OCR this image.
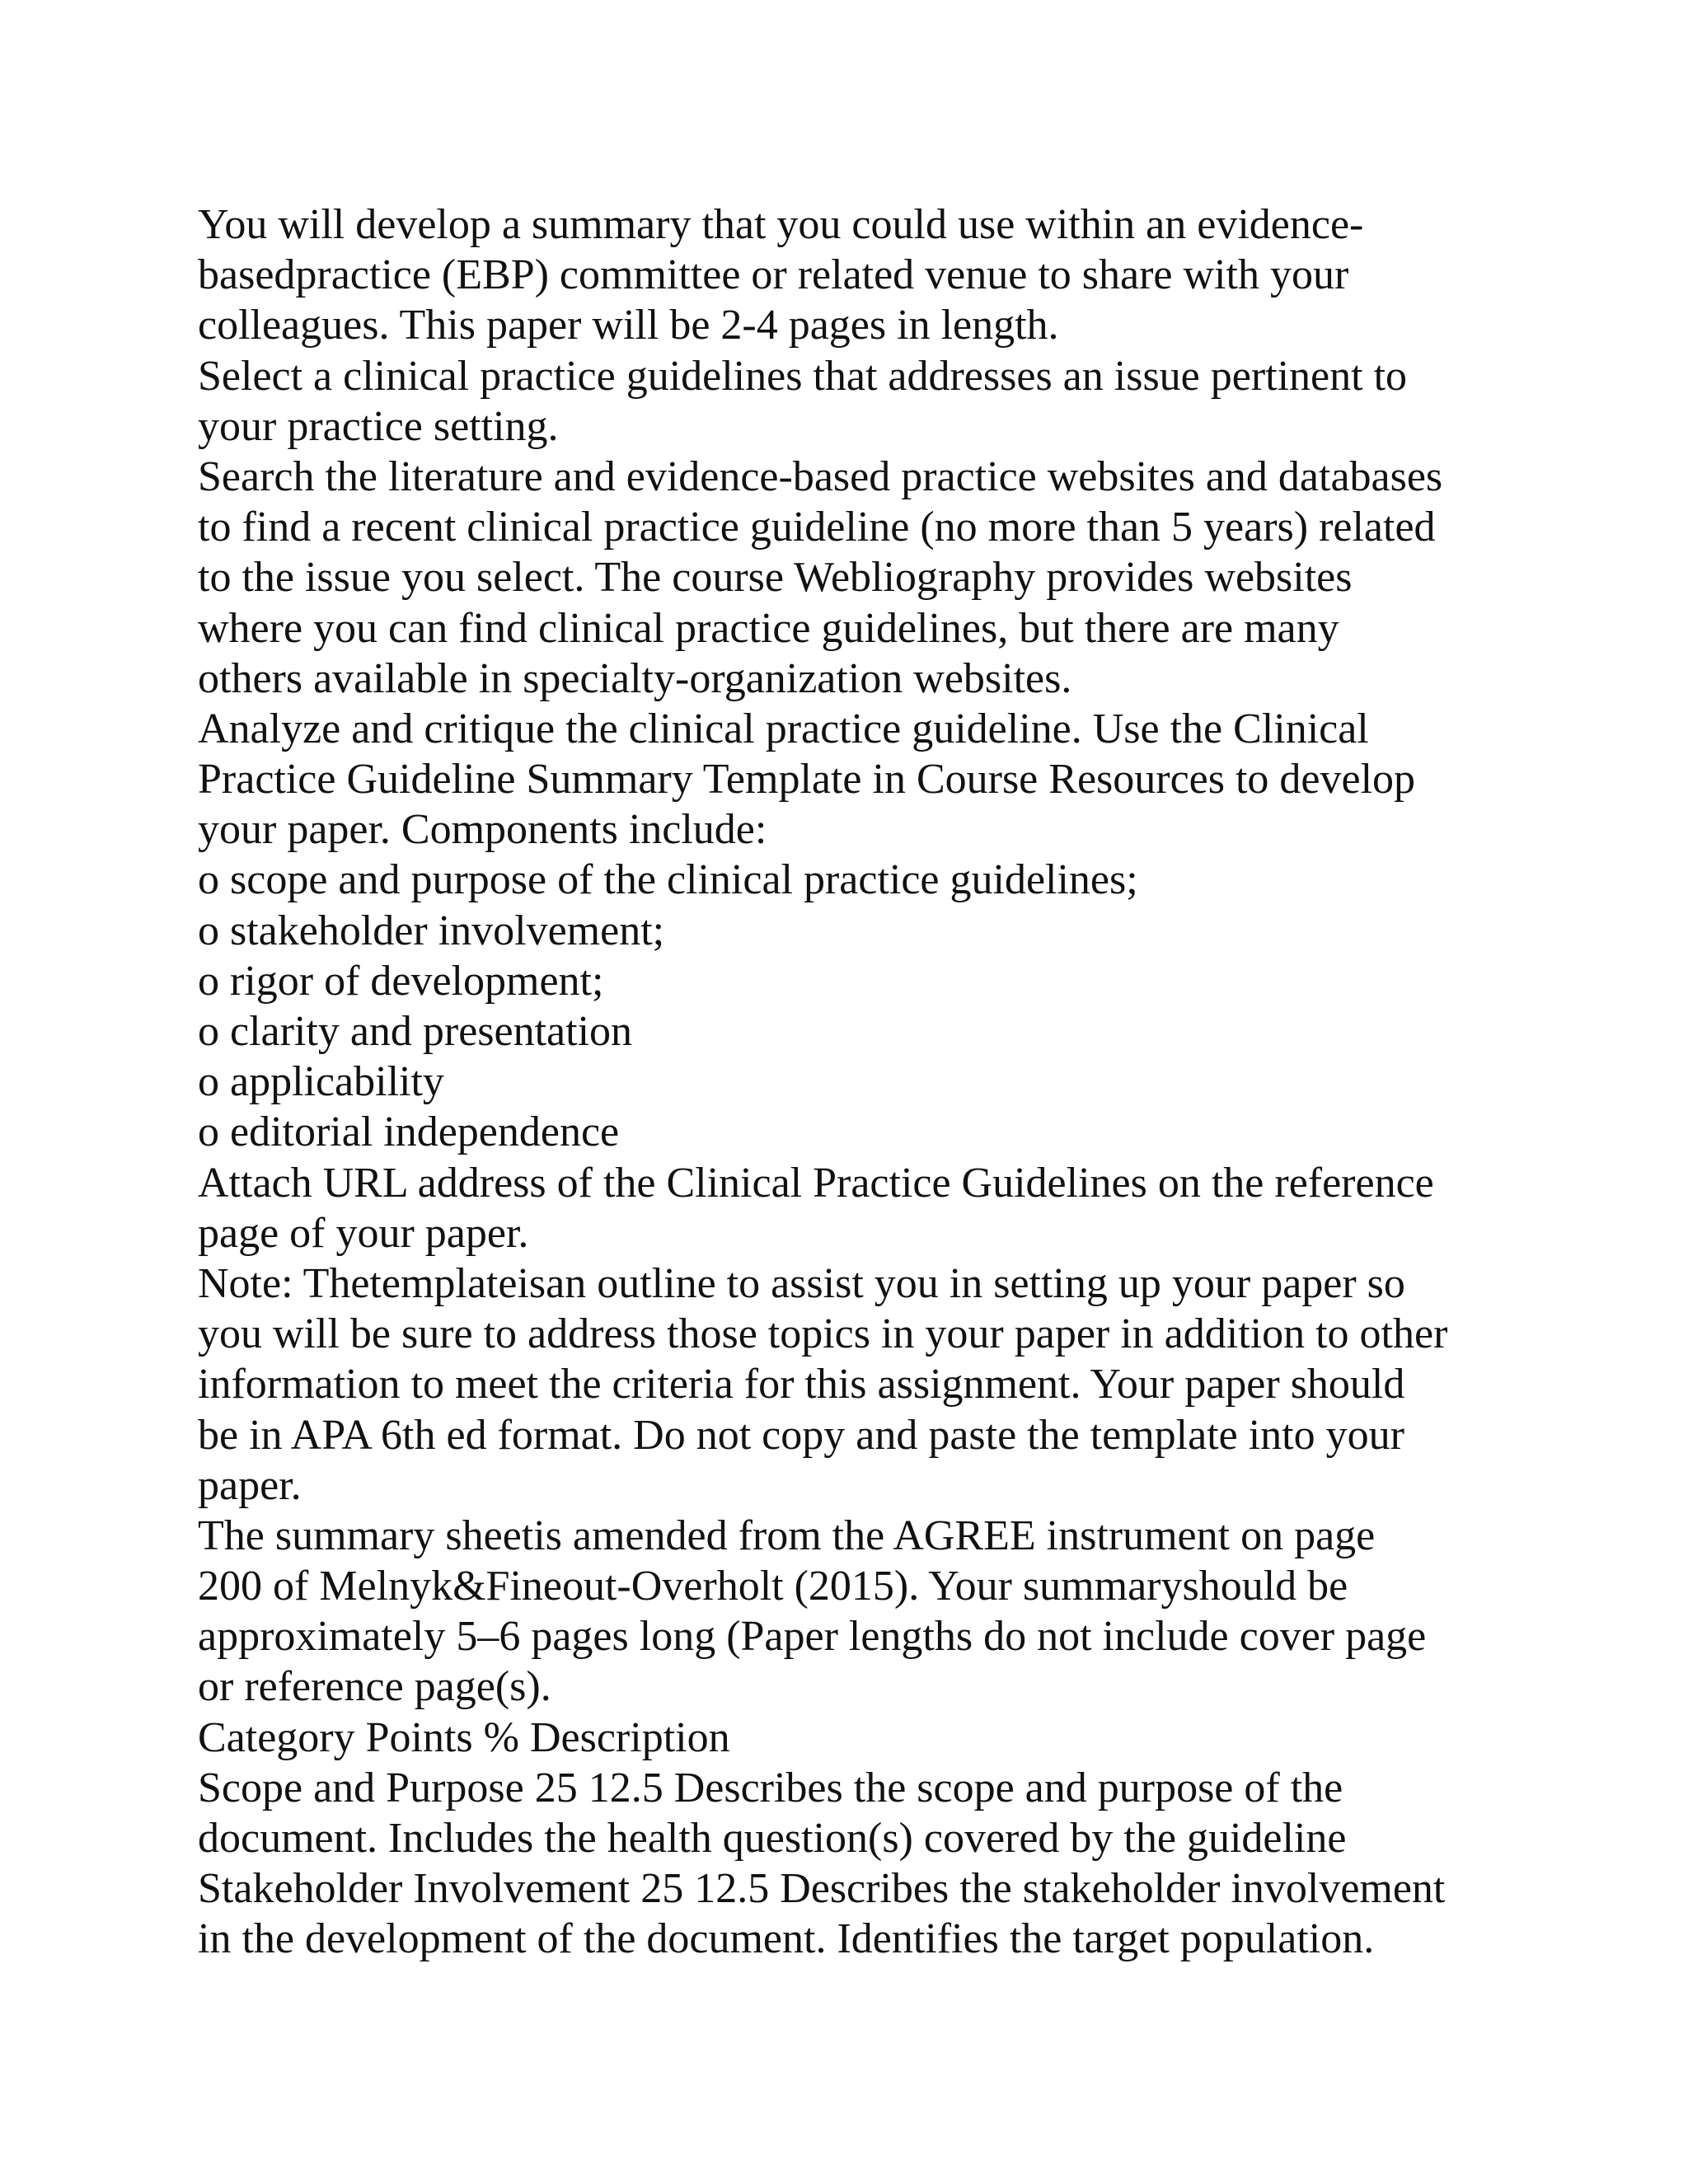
You will develop a summary that you could use within an evidence-
basedpractice (EBP) committee or related venue to share with your
colleagues. This paper will be 2-4 pages in length.
Select a clinical practice guidelines that addresses an issue pertinent to
your practice setting.
Search the literature and evidence-based practice websites and databases
to find a recent clinical practice guideline (no more than 5 years) related
to the issue you select. The course Webliography provides websites
where you can find clinical practice guidelines, but there are many
others available in specialty-organization websites.
Analyze and critique the clinical practice guideline. Use the Clinical
Practice Guideline Summary Template in Course Resources to develop
your paper. Components include:
o scope and purpose of the clinical practice guidelines;
o stakeholder involvement;
o rigor of development;
o clarity and presentation
o applicability
o editorial independence
Attach URL address of the Clinical Practice Guidelines on the reference
page of your paper.
Note: Thetemplateisan outline to assist you in setting up your paper so
you will be sure to address those topics in your paper in addition to other
information to meet the criteria for this assignment. Your paper should
be in APA 6th ed format. Do not copy and paste the template into your
paper.
The summary sheetis amended from the AGREE instrument on page
200 of Melnyk&Fineout-Overholt (2015). Your summaryshould be
approximately 5–6 pages long (Paper lengths do not include cover page
or reference page(s).
Category Points % Description
Scope and Purpose 25 12.5 Describes the scope and purpose of the
document. Includes the health question(s) covered by the guideline
Stakeholder Involvement 25 12.5 Describes the stakeholder involvement
in the development of the document. Identifies the target population.
